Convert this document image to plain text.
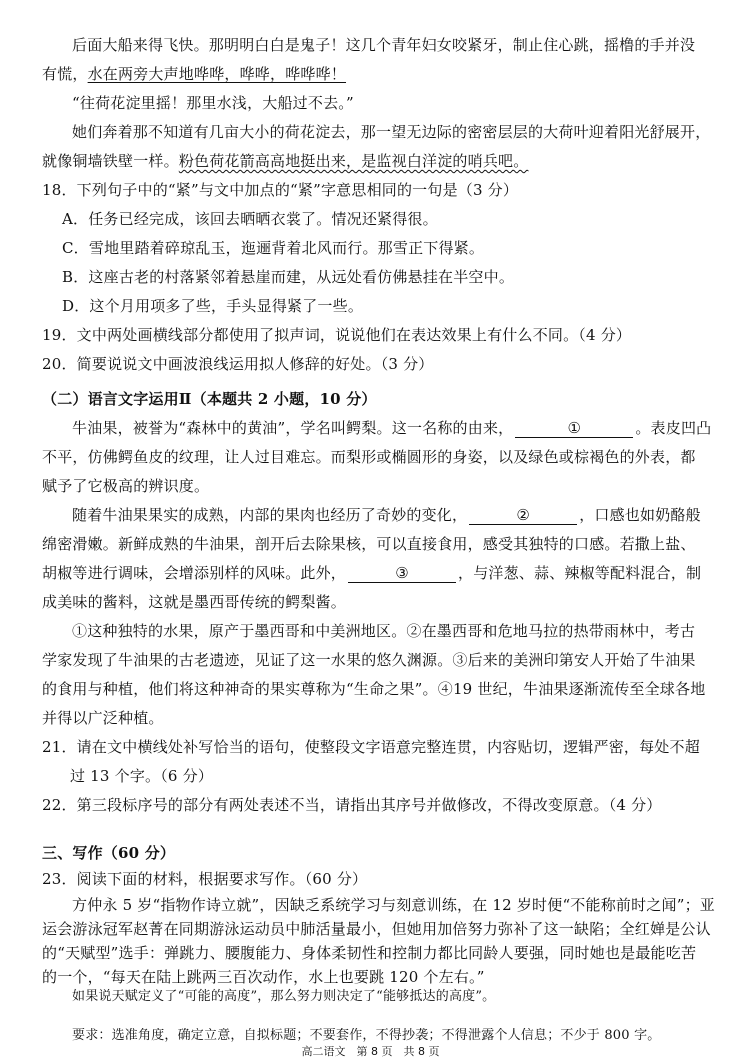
后面大船来得飞快。那明明白白是鬼子！这几个青年妇女咬紧牙，制止住心跳，摇橹的手并没
有慌，水在两旁大声地哗哗，哗哗，哗哗哗！
“往荷花淀里摇！那里水浅，大船过不去。”
她们奔着那不知道有几亩大小的荷花淀去，那一望无边际的密密层层的大荷叶迎着阳光舒展开，
就像铜墙铁壁一样。粉色荷花箭高高地挺出来，是监视白洋淀的哨兵吧。
18．下列句子中的“紧”与文中加点的“紧”字意思相同的一句是（3 分）
A．任务已经完成，该回去晒晒衣裳了。情况还紧得很。
C．雪地里踏着碎琼乱玉，迤逦背着北风而行。那雪正下得紧。
B．这座古老的村落紧邻着悬崖而建，从远处看仿佛悬挂在半空中。
D．这个月用项多了些，手头显得紧了一些。
19．文中两处画横线部分都使用了拟声词，说说他们在表达效果上有什么不同。（4 分）
20．简要说说文中画波浪线运用拟人修辞的好处。（3 分）
（二）语言文字运用Ⅱ（本题共 2 小题，10 分）
牛油果，被誉为“森林中的黄油”，学名叫鳄梨。这一名称的由来，	①	。表皮凹凸
不平，仿佛鳄鱼皮的纹理，让人过目难忘。而梨形或椭圆形的身姿，以及绿色或棕褐色的外表，都
赋予了它极高的辨识度。
随着牛油果果实的成熟，内部的果肉也经历了奇妙的变化，	②	，口感也如奶酪般
绵密滑嫩。新鲜成熟的牛油果，剖开后去除果核，可以直接食用，感受其独特的口感。若撒上盐、
胡椒等进行调味，会增添别样的风味。此外，	③	，与洋葱、蒜、辣椒等配料混合，制
成美味的酱料，这就是墨西哥传统的鳄梨酱。
①这种独特的水果，原产于墨西哥和中美洲地区。②在墨西哥和危地马拉的热带雨林中，考古
学家发现了牛油果的古老遗迹，见证了这一水果的悠久渊源。③后来的美洲印第安人开始了牛油果
的食用与种植，他们将这种神奇的果实尊称为“生命之果”。④19 世纪，牛油果逐渐流传至全球各地
并得以广泛种植。
21．请在文中横线处补写恰当的语句，使整段文字语意完整连贯，内容贴切，逻辑严密，每处不超
过 13 个字。（6 分）
22．第三段标序号的部分有两处表述不当，请指出其序号并做修改，不得改变原意。（4 分）
三、写作（60 分）
23．阅读下面的材料，根据要求写作。（60 分）
方仲永 5 岁“指物作诗立就”，因缺乏系统学习与刻意训练，在 12 岁时便“不能称前时之闻”；亚
运会游泳冠军赵菁在同期游泳运动员中肺活量最小，但她用加倍努力弥补了这一缺陷；全红婵是公认
的“天赋型”选手：弹跳力、腰腹能力、身体柔韧性和控制力都比同龄人要强，同时她也是最能吃苦
的一个，“每天在陆上跳两三百次动作，水上也要跳 120 个左右。”
如果说天赋定义了“可能的高度”，那么努力则决定了“能够抵达的高度”。
要求：选准角度，确定立意，自拟标题；不要套作，不得抄袭；不得泄露个人信息；不少于 800 字。
高二语文　第 8 页　共 8 页
